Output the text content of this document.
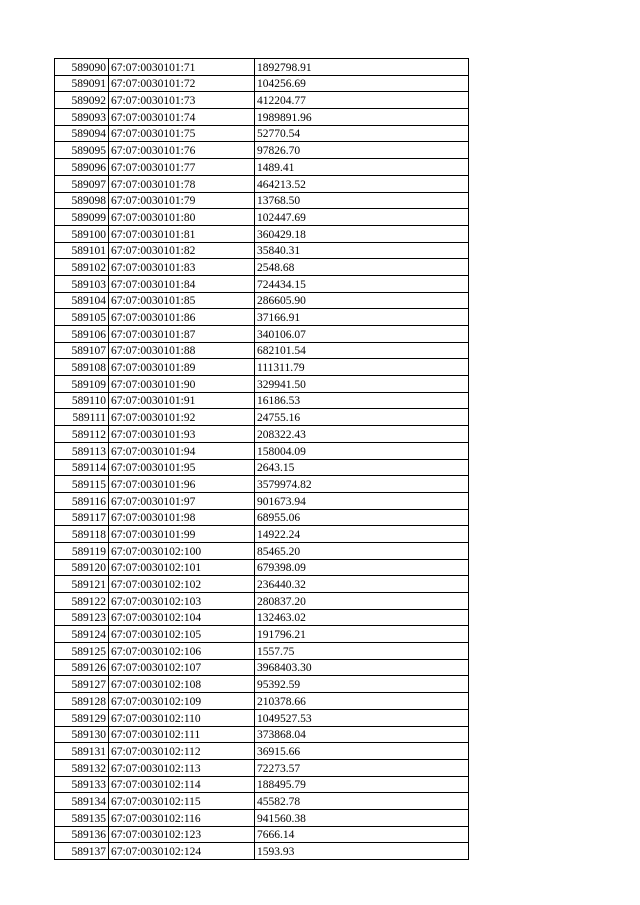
589090	67:07:0030101:71	1892798.91
589091	67:07:0030101:72	104256.69
589092	67:07:0030101:73	412204.77
589093	67:07:0030101:74	1989891.96
589094	67:07:0030101:75	52770.54
589095	67:07:0030101:76	97826.70
589096	67:07:0030101:77	1489.41
589097	67:07:0030101:78	464213.52
589098	67:07:0030101:79	13768.50
589099	67:07:0030101:80	102447.69
589100	67:07:0030101:81	360429.18
589101	67:07:0030101:82	35840.31
589102	67:07:0030101:83	2548.68
589103	67:07:0030101:84	724434.15
589104	67:07:0030101:85	286605.90
589105	67:07:0030101:86	37166.91
589106	67:07:0030101:87	340106.07
589107	67:07:0030101:88	682101.54
589108	67:07:0030101:89	111311.79
589109	67:07:0030101:90	329941.50
589110	67:07:0030101:91	16186.53
589111	67:07:0030101:92	24755.16
589112	67:07:0030101:93	208322.43
589113	67:07:0030101:94	158004.09
589114	67:07:0030101:95	2643.15
589115	67:07:0030101:96	3579974.82
589116	67:07:0030101:97	901673.94
589117	67:07:0030101:98	68955.06
589118	67:07:0030101:99	14922.24
589119	67:07:0030102:100	85465.20
589120	67:07:0030102:101	679398.09
589121	67:07:0030102:102	236440.32
589122	67:07:0030102:103	280837.20
589123	67:07:0030102:104	132463.02
589124	67:07:0030102:105	191796.21
589125	67:07:0030102:106	1557.75
589126	67:07:0030102:107	3968403.30
589127	67:07:0030102:108	95392.59
589128	67:07:0030102:109	210378.66
589129	67:07:0030102:110	1049527.53
589130	67:07:0030102:111	373868.04
589131	67:07:0030102:112	36915.66
589132	67:07:0030102:113	72273.57
589133	67:07:0030102:114	188495.79
589134	67:07:0030102:115	45582.78
589135	67:07:0030102:116	941560.38
589136	67:07:0030102:123	7666.14
589137	67:07:0030102:124	1593.93
